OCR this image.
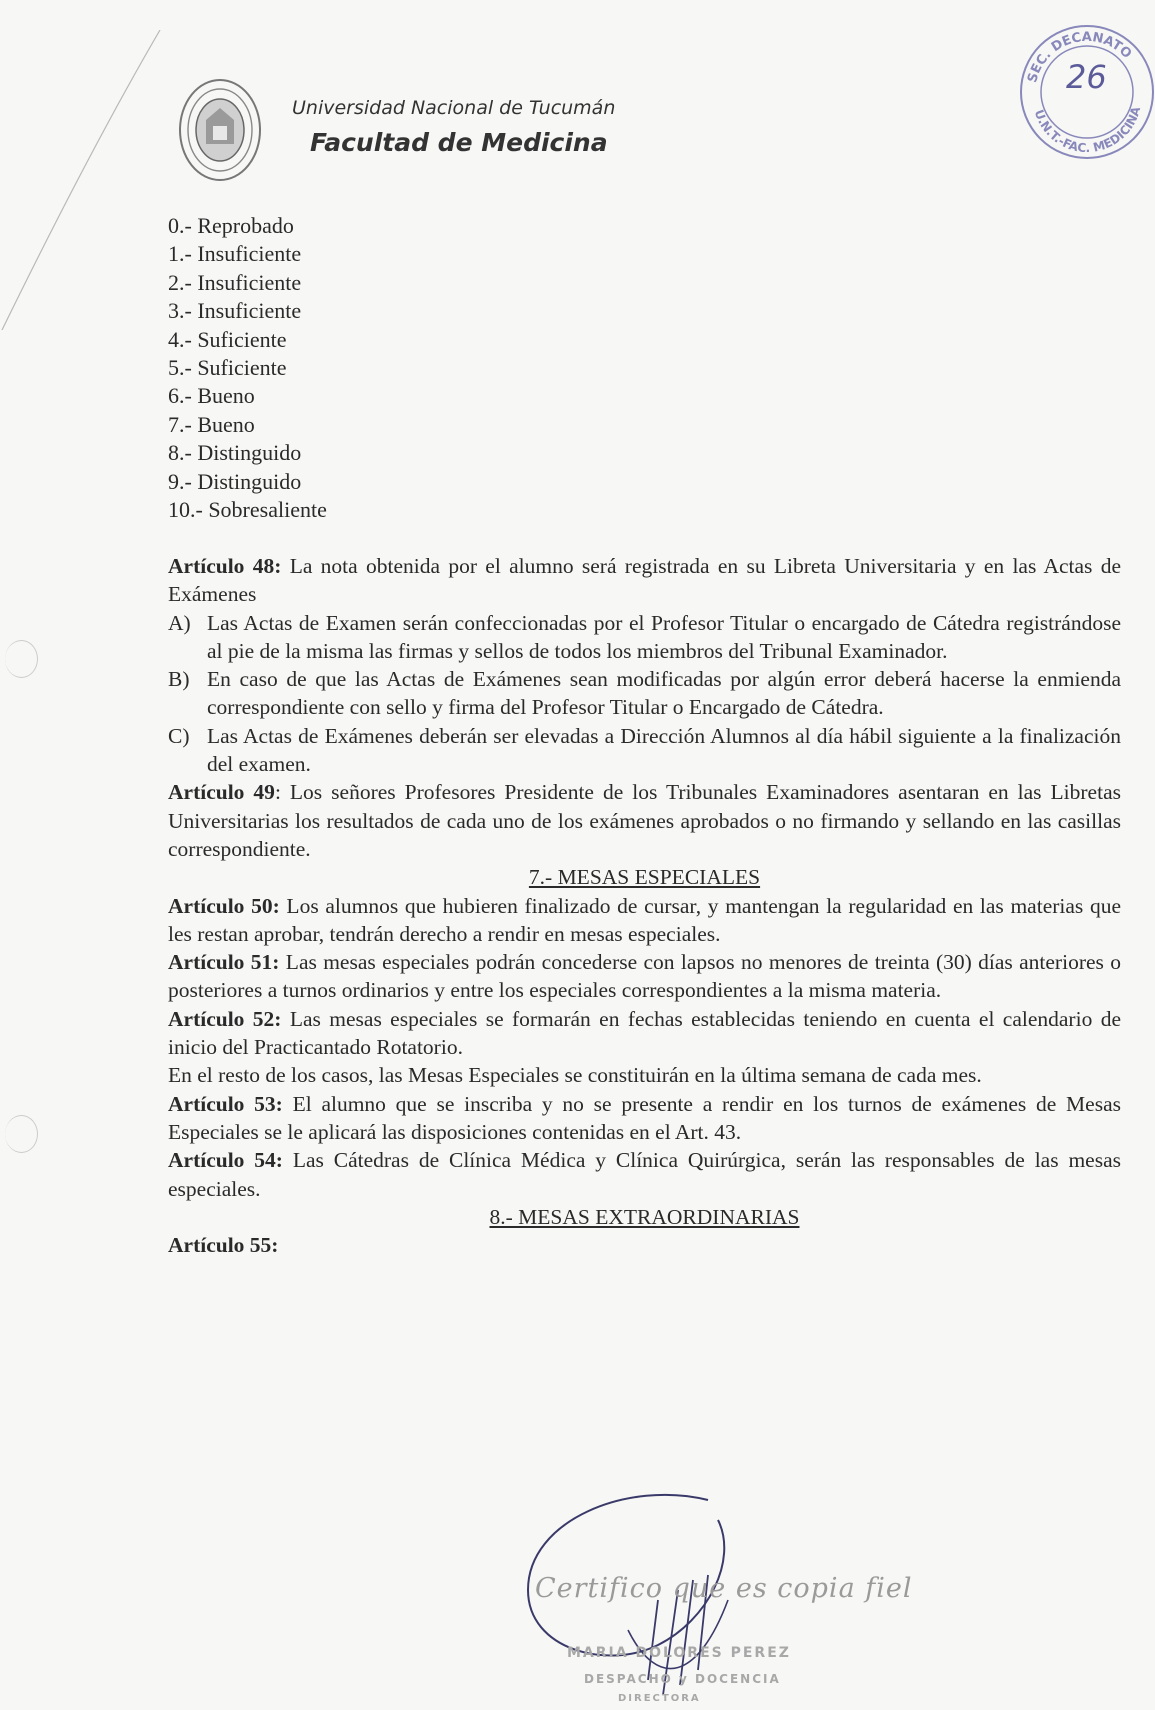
Universidad Nacional de Tucumán
Facultad de Medicina
SEC. DECANATO
U.N.T.-FAC. MEDICINA
26
0.- Reprobado
1.- Insuficiente
2.- Insuficiente
3.- Insuficiente
4.- Suficiente
5.- Suficiente
6.- Bueno
7.- Bueno
8.- Distinguido
9.- Distinguido
10.- Sobresaliente

Artículo 48: La nota obtenida por el alumno será registrada en su Libreta Universitaria y en las Actas de Exámenes

A) Las Actas de Examen serán confeccionadas por el Profesor Titular o encargado de Cátedra registrándose al pie de la misma las firmas y sellos de todos los miembros del Tribunal Examinador.

B) En caso de que las Actas de Exámenes sean modificadas por algún error deberá hacerse la enmienda correspondiente con sello y firma del Profesor Titular o Encargado de Cátedra.

C) Las Actas de Exámenes deberán ser elevadas a Dirección Alumnos al día hábil siguiente a la finalización del examen.

Artículo 49: Los señores Profesores Presidente de los Tribunales Examinadores asentaran en las Libretas Universitarias los resultados de cada uno de los exámenes aprobados o no firmando y sellando en las casillas correspondiente.

7.- MESAS ESPECIALES

Artículo 50: Los alumnos que hubieren finalizado de cursar, y mantengan la regularidad en las materias que les restan aprobar, tendrán derecho a rendir en mesas especiales.

Artículo 51: Las mesas especiales podrán concederse con lapsos no menores de treinta (30) días anteriores o posteriores a turnos ordinarios y entre los especiales correspondientes a la misma materia.

Artículo 52: Las mesas especiales se formarán en fechas establecidas teniendo en cuenta el calendario de inicio del Practicantado Rotatorio.

En el resto de los casos, las Mesas Especiales se constituirán en la última semana de cada mes.

Artículo 53: El alumno que se inscriba y no se presente a rendir en los turnos de exámenes de Mesas Especiales se le aplicará las disposiciones contenidas en el Art. 43.

Artículo 54: Las Cátedras de Clínica Médica y Clínica Quirúrgica, serán las responsables de las mesas especiales.

8.- MESAS EXTRAORDINARIAS

Artículo 55:

Certifico que es copia fiel
MARIA DOLORES PEREZ
DESPACHO y DOCENCIA
DIRECTORA
